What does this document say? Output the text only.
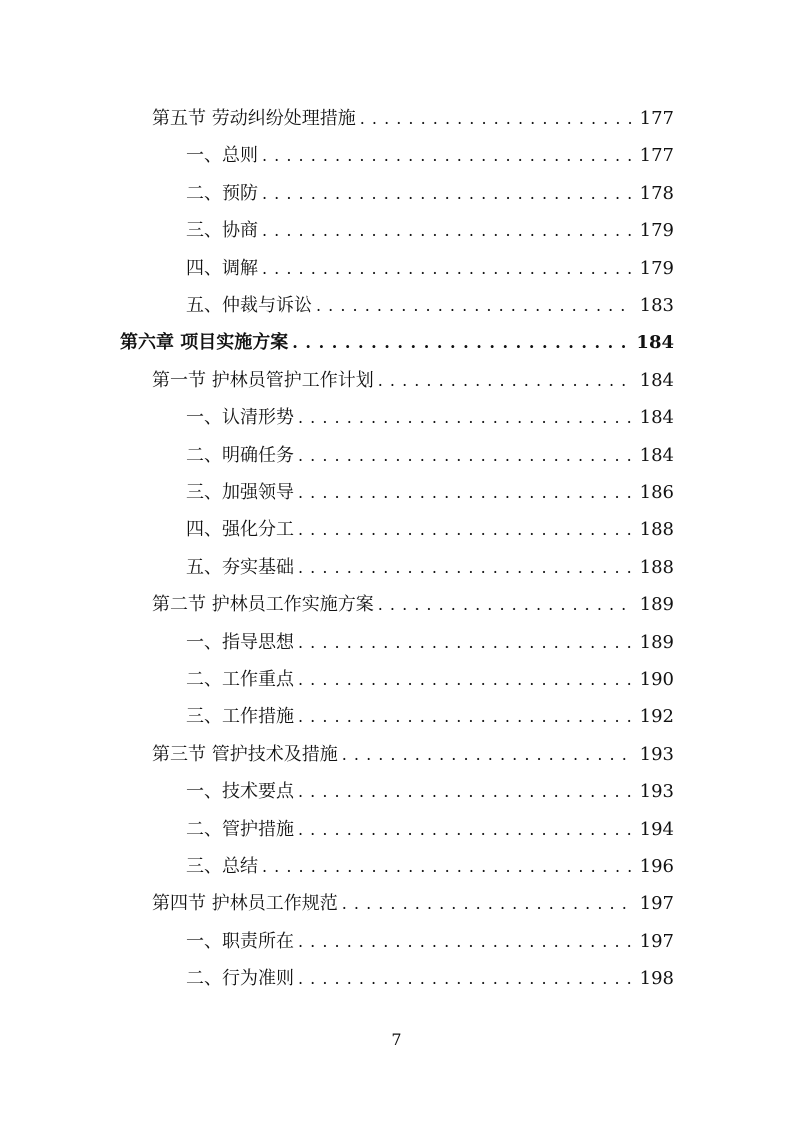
第五节 劳动纠纷处理措施 . . .	177
一、总则 . . .	177
二、预防 . . .	178
三、协商 . . .	179
四、调解 . . .	179
五、仲裁与诉讼 . . .	183
第六章 项目实施方案 . . .	184
第一节 护林员管护工作计划 . . .	184
一、认清形势 . . .	184
二、明确任务 . . .	184
三、加强领导 . . .	186
四、强化分工 . . .	188
五、夯实基础 . . .	188
第二节 护林员工作实施方案 . . .	189
一、指导思想 . . .	189
二、工作重点 . . .	190
三、工作措施 . . .	192
第三节 管护技术及措施 . . .	193
一、技术要点 . . .	193
二、管护措施 . . .	194
三、总结 . . .	196
第四节 护林员工作规范 . . .	197
一、职责所在 . . .	197
二、行为准则 . . .	198
7
